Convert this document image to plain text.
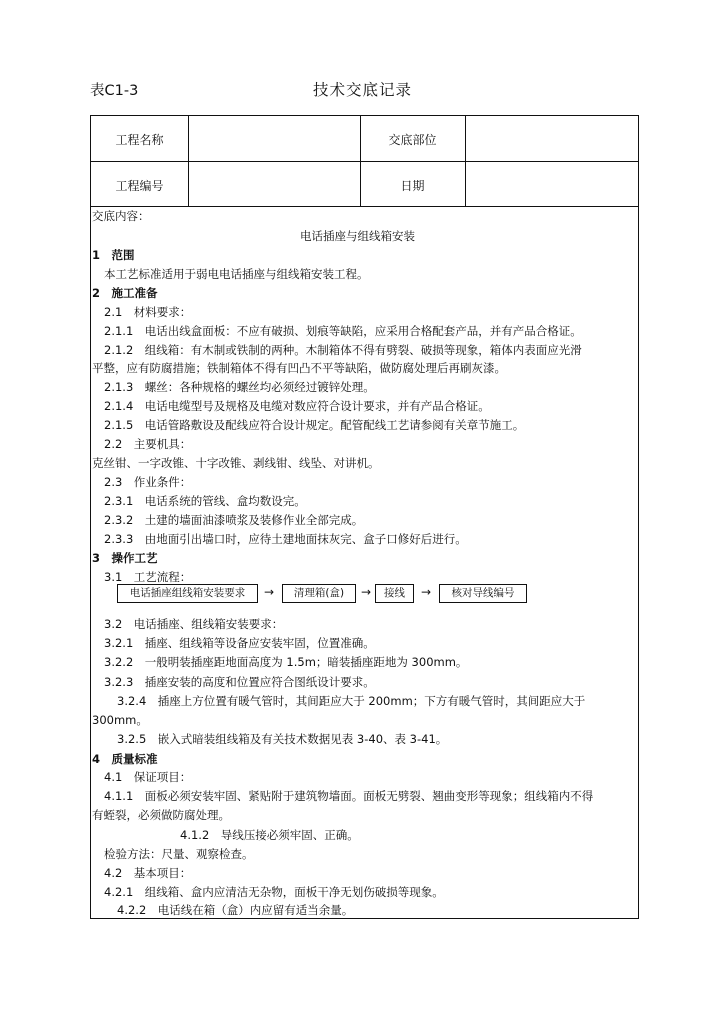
表C1-3	技术交底记录
工程名称	交底部位
工程编号	日期
交底内容：
电话插座与组线箱安装
1　范围
本工艺标准适用于弱电电话插座与组线箱安装工程。
2　施工准备
2.1　材料要求：
2.1.1　电话出线盒面板：不应有破损、划痕等缺陷，应采用合格配套产品，并有产品合格证。
2.1.2　组线箱：有木制或铁制的两种。木制箱体不得有劈裂、破损等现象，箱体内表面应光滑
平整，应有防腐措施；铁制箱体不得有凹凸不平等缺陷，做防腐处理后再刷灰漆。
2.1.3　螺丝：各种规格的螺丝均必须经过镀锌处理。
2.1.4　电话电缆型号及规格及电缆对数应符合设计要求，并有产品合格证。
2.1.5　电话管路敷设及配线应符合设计规定。配管配线工艺请参阅有关章节施工。
2.2　主要机具：
克丝钳、一字改锥、十字改锥、剥线钳、线坠、对讲机。
2.3　作业条件：
2.3.1　电话系统的管线、盒均数设完。
2.3.2　土建的墙面油漆喷浆及装修作业全部完成。
2.3.3　由地面引出墙口时，应待土建地面抹灰完、盒子口修好后进行。
3　操作工艺
3.1　工艺流程：
电话插座组线箱安装要求	→	清理箱(盒)	→	接线	→	核对导线编号
3.2　电话插座、组线箱安装要求：
3.2.1　插座、组线箱等设备应安装牢固，位置准确。
3.2.2　一般明装插座距地面高度为 1.5m；暗装插座距地为 300mm。
3.2.3　插座安装的高度和位置应符合图纸设计要求。
3.2.4　插座上方位置有暖气管时，其间距应大于 200mm；下方有暖气管时，其间距应大于
300mm。
3.2.5　嵌入式暗装组线箱及有关技术数据见表 3-40、表 3-41。
4　质量标准
4.1　保证项目：
4.1.1　面板必须安装牢固、紧贴附于建筑物墙面。面板无劈裂、翘曲变形等现象；组线箱内不得
有蛭裂，必须做防腐处理。
4.1.2　导线压接必须牢固、正确。
检验方法：尺量、观察检查。
4.2　基本项目：
4.2.1　组线箱、盒内应清洁无杂物，面板干净无划伤破损等现象。
4.2.2　电话线在箱（盒）内应留有适当余量。
